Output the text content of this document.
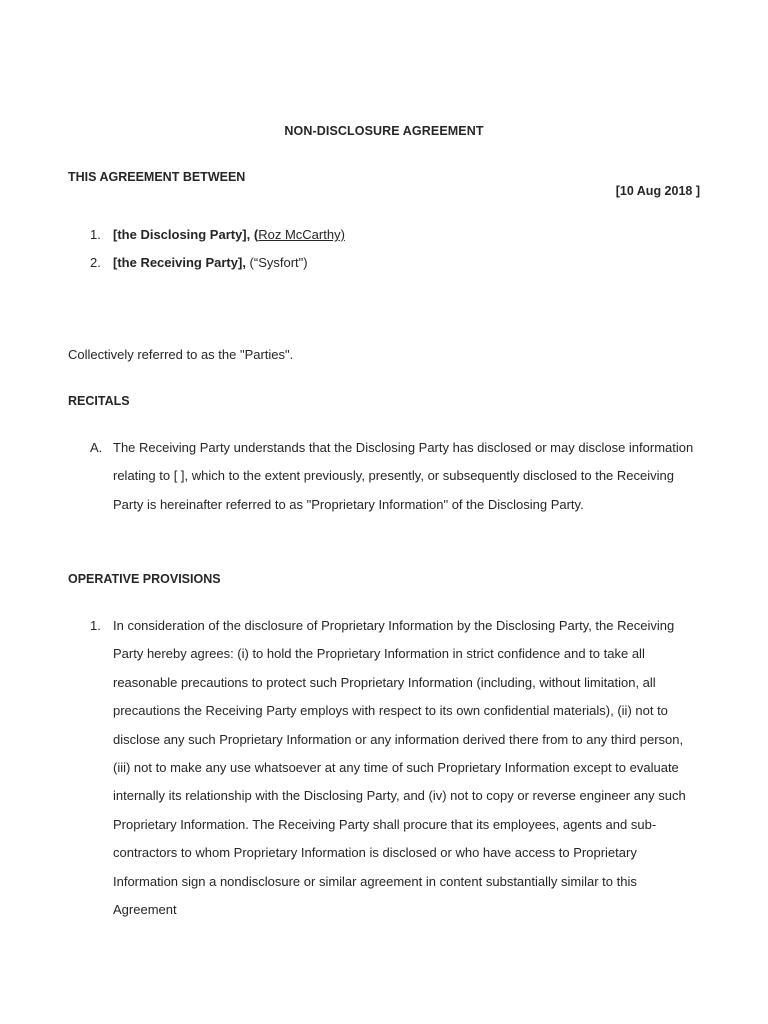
NON-DISCLOSURE AGREEMENT
THIS AGREEMENT BETWEEN
[10 Aug 2018 ]
1. [the Disclosing Party], (Roz McCarthy)
2. [the Receiving Party], (“Sysfort")
Collectively referred to as the "Parties".
RECITALS
A. The Receiving Party understands that the Disclosing Party has disclosed or may disclose information relating to [ ], which to the extent previously, presently, or subsequently disclosed to the Receiving Party is hereinafter referred to as "Proprietary Information" of the Disclosing Party.
OPERATIVE PROVISIONS
1. In consideration of the disclosure of Proprietary Information by the Disclosing Party, the Receiving Party hereby agrees: (i) to hold the Proprietary Information in strict confidence and to take all reasonable precautions to protect such Proprietary Information (including, without limitation, all precautions the Receiving Party employs with respect to its own confidential materials), (ii) not to disclose any such Proprietary Information or any information derived there from to any third person, (iii) not to make any use whatsoever at any time of such Proprietary Information except to evaluate internally its relationship with the Disclosing Party, and (iv) not to copy or reverse engineer any such Proprietary Information. The Receiving Party shall procure that its employees, agents and sub-contractors to whom Proprietary Information is disclosed or who have access to Proprietary Information sign a nondisclosure or similar agreement in content substantially similar to this Agreement
